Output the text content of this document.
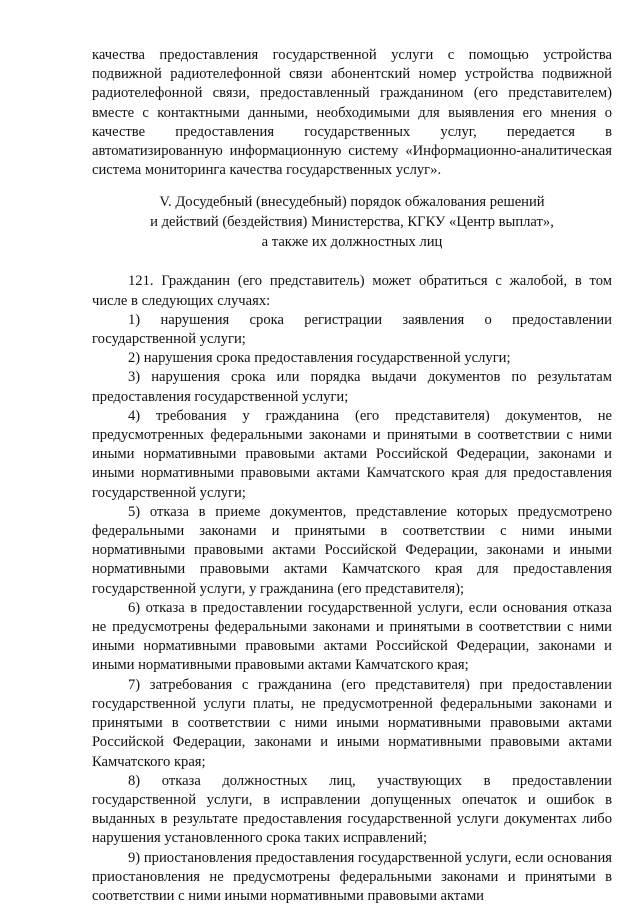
качества предоставления государственной услуги с помощью устройства подвижной радиотелефонной связи абонентский номер устройства подвижной радиотелефонной связи, предоставленный гражданином (его представителем) вместе с контактными данными, необходимыми для выявления его мнения о качестве предоставления государственных услуг, передается в автоматизированную информационную систему «Информационно-аналитическая система мониторинга качества государственных услуг».

V. Досудебный (внесудебный) порядок обжалования решений
и действий (бездействия) Министерства, КГКУ «Центр выплат»,
а также их должностных лиц

121. Гражданин (его представитель) может обратиться с жалобой, в том числе в следующих случаях:

1) нарушения срока регистрации заявления о предоставлении государственной услуги;

2) нарушения срока предоставления государственной услуги;

3) нарушения срока или порядка выдачи документов по результатам предоставления государственной услуги;

4) требования у гражданина (его представителя) документов, не предусмотренных федеральными законами и принятыми в соответствии с ними иными нормативными правовыми актами Российской Федерации, законами и иными нормативными правовыми актами Камчатского края для предоставления государственной услуги;

5) отказа в приеме документов, представление которых предусмотрено федеральными законами и принятыми в соответствии с ними иными нормативными правовыми актами Российской Федерации, законами и иными нормативными правовыми актами Камчатского края для предоставления государственной услуги, у гражданина (его представителя);

6) отказа в предоставлении государственной услуги, если основания отказа не предусмотрены федеральными законами и принятыми в соответствии с ними иными нормативными правовыми актами Российской Федерации, законами и иными нормативными правовыми актами Камчатского края;

7) затребования с гражданина (его представителя) при предоставлении государственной услуги платы, не предусмотренной федеральными законами и принятыми в соответствии с ними иными нормативными правовыми актами Российской Федерации, законами и иными нормативными правовыми актами Камчатского края;

8) отказа должностных лиц, участвующих в предоставлении государственной услуги, в исправлении допущенных опечаток и ошибок в выданных в результате предоставления государственной услуги документах либо нарушения установленного срока таких исправлений;

9) приостановления предоставления государственной услуги, если основания приостановления не предусмотрены федеральными законами и принятыми в соответствии с ними иными нормативными правовыми актами
